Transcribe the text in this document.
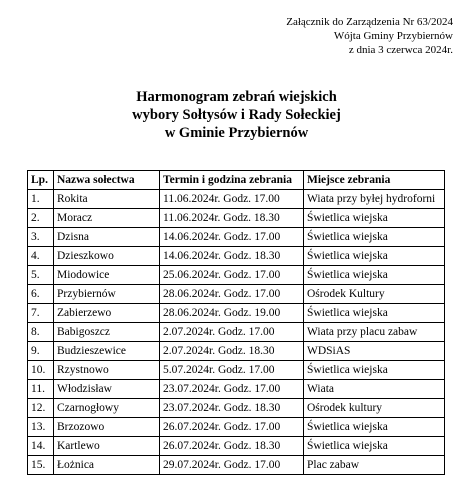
Załącznik do Zarządzenia Nr 63/2024
Wójta Gminy Przybiernów
z dnia 3 czerwca 2024r.
Harmonogram zebrań wiejskich
wybory Sołtysów i Rady Sołeckiej
w Gminie Przybiernów
Lp.	Nazwa sołectwa	Termin i godzina zebrania	Miejsce zebrania
1.	Rokita	11.06.2024r. Godz. 17.00	Wiata przy byłej hydroforni
2.	Moracz	11.06.2024r. Godz. 18.30	Świetlica wiejska
3.	Dzisna	14.06.2024r. Godz. 17.00	Świetlica wiejska
4.	Dzieszkowo	14.06.2024r. Godz. 18.30	Świetlica wiejska
5.	Miodowice	25.06.2024r. Godz. 17.00	Świetlica wiejska
6.	Przybiernów	28.06.2024r. Godz. 17.00	Ośrodek Kultury
7.	Zabierzewo	28.06.2024r. Godz. 19.00	Świetlica wiejska
8.	Babigoszcz	2.07.2024r. Godz. 17.00	Wiata przy placu zabaw
9.	Budzieszewice	2.07.2024r. Godz. 18.30	WDSiAS
10.	Rzystnowo	5.07.2024r. Godz. 17.00	Świetlica wiejska
11.	Włodzisław	23.07.2024r. Godz. 17.00	Wiata
12.	Czarnogłowy	23.07.2024r. Godz. 18.30	Ośrodek kultury
13.	Brzozowo	26.07.2024r. Godz. 17.00	Świetlica wiejska
14.	Kartlewo	26.07.2024r. Godz. 18.30	Świetlica wiejska
15.	Łożnica	29.07.2024r. Godz. 17.00	Plac zabaw
